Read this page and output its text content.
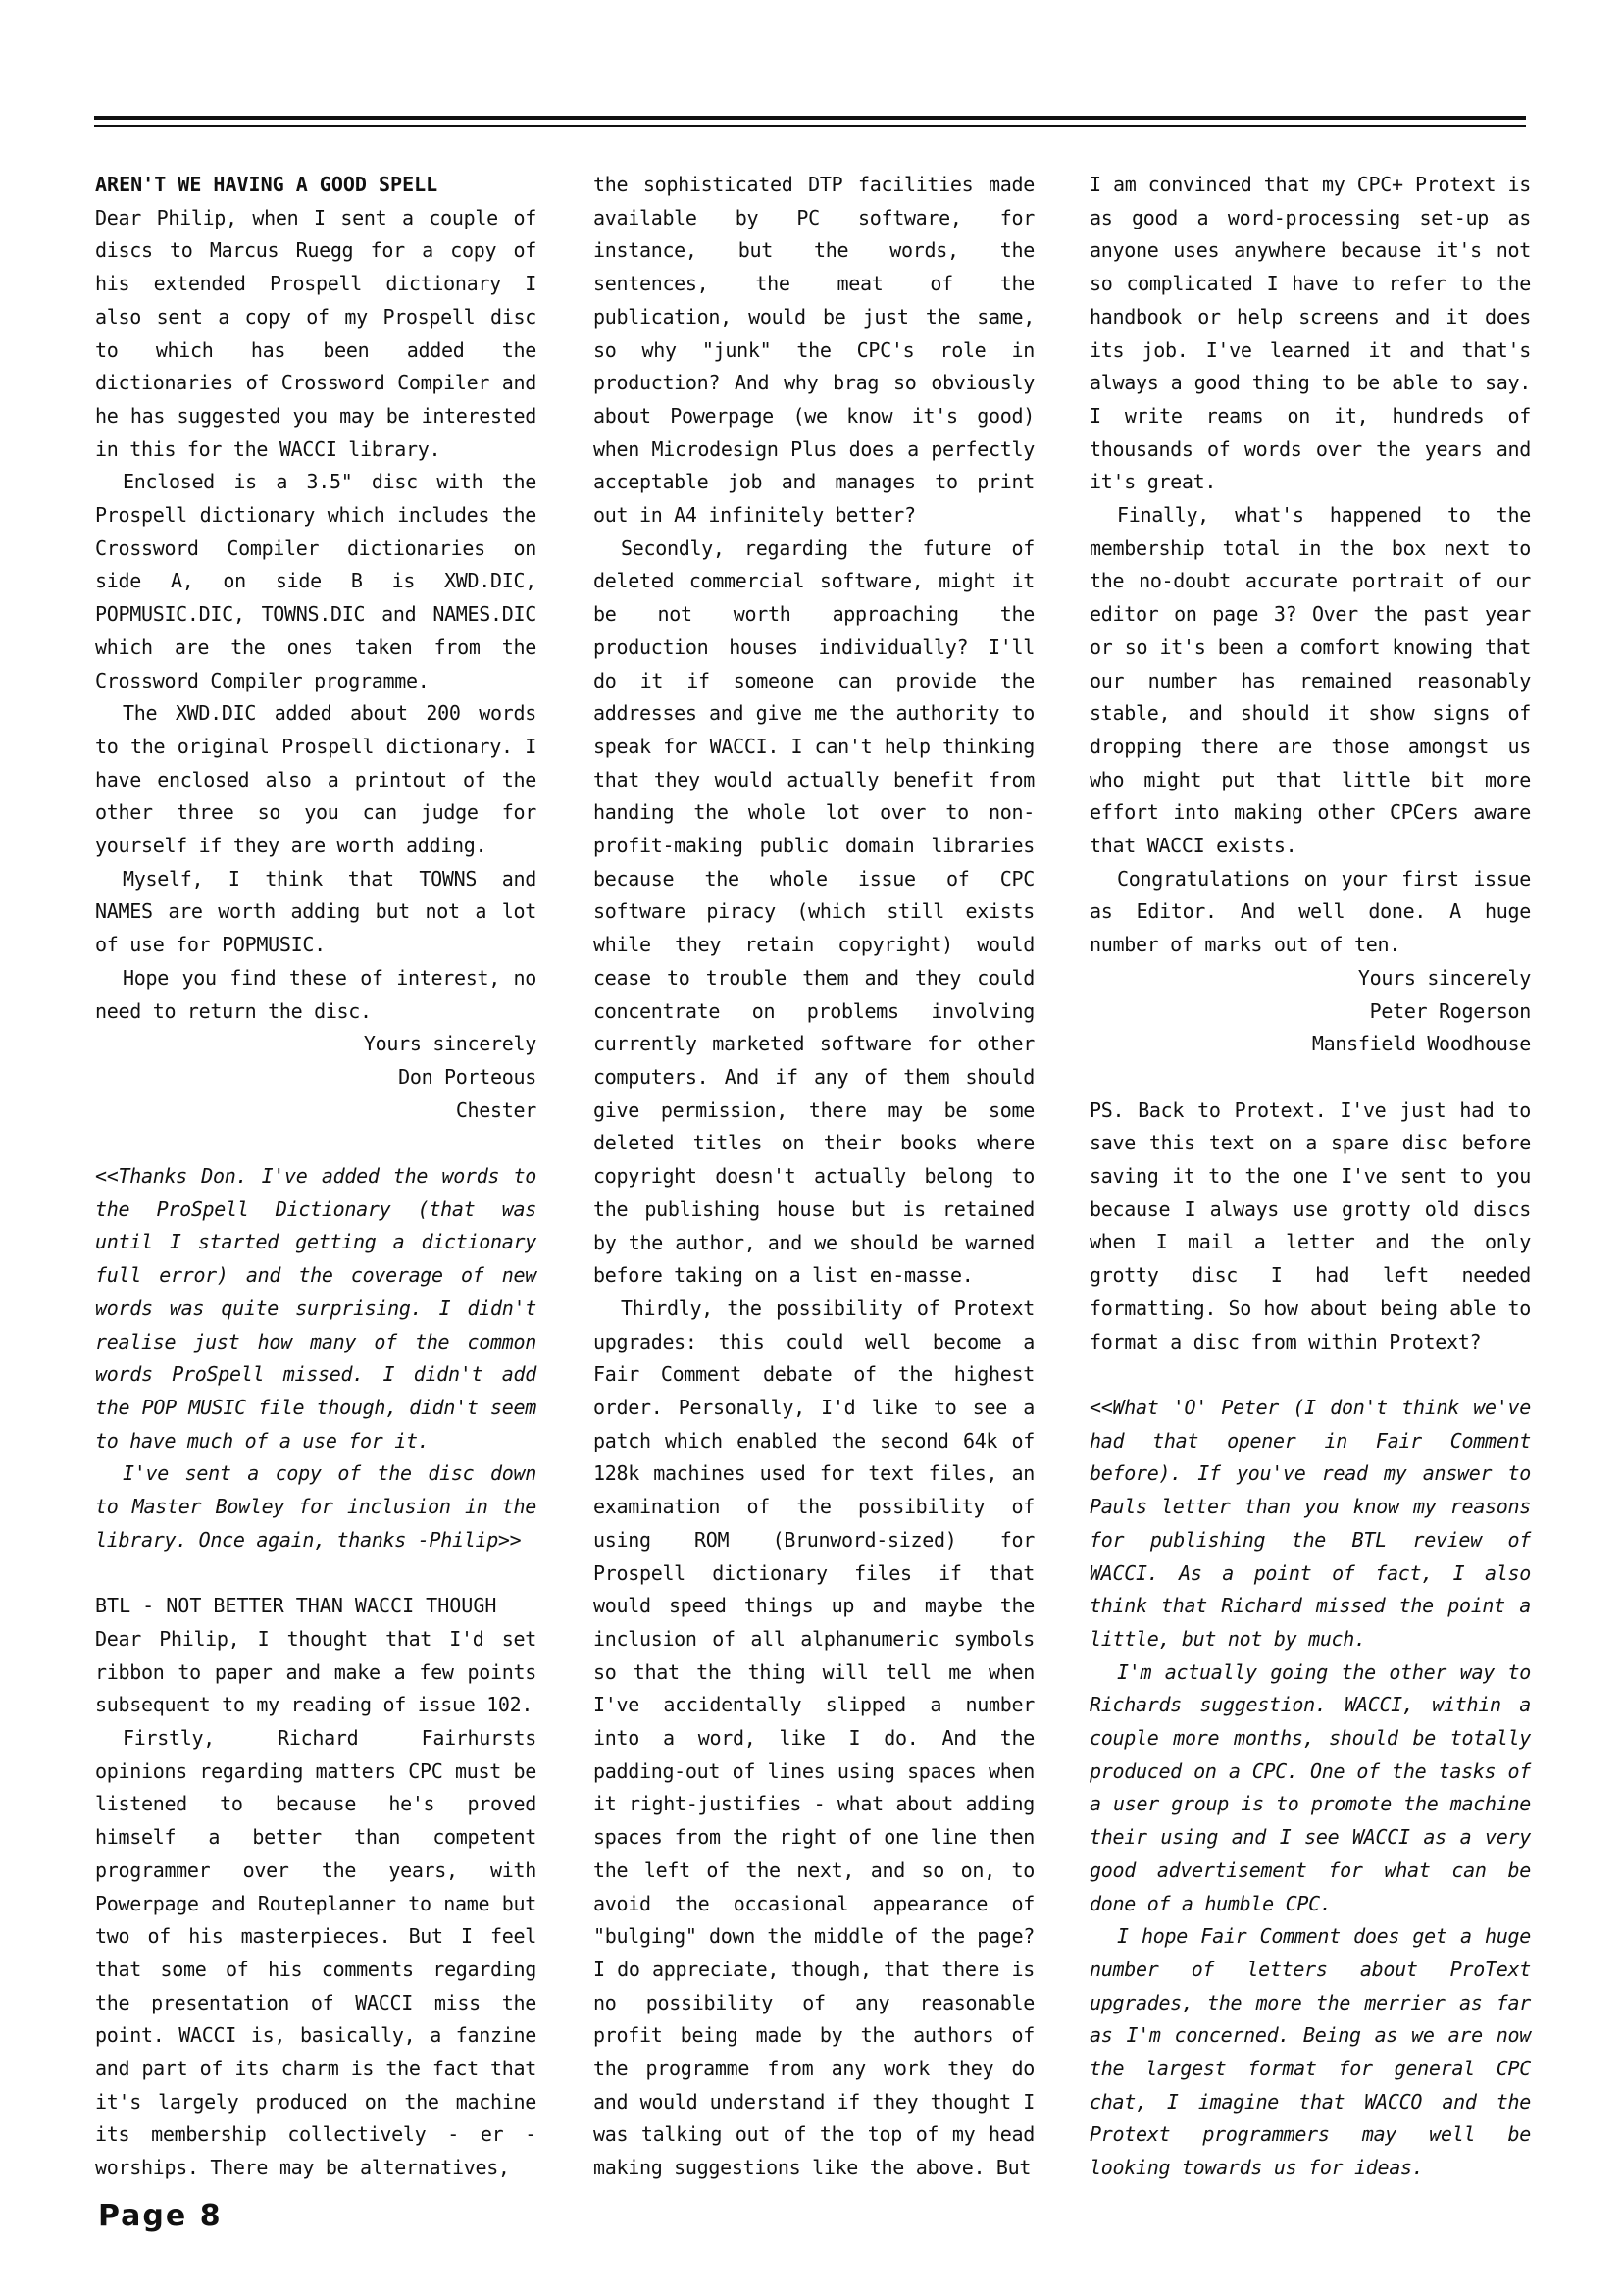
AREN'T WE HAVING A GOOD SPELL

Dear Philip, when I sent a couple of discs to Marcus Ruegg for a copy of his extended Prospell dictionary I also sent a copy of my Prospell disc to which has been added the dictionaries of Crossword Compiler and he has suggested you may be interested in this for the WACCI library.

Enclosed is a 3.5" disc with the Prospell dictionary which includes the Crossword Compiler dictionaries on side A, on side B is XWD.DIC, POPMUSIC.DIC, TOWNS.DIC and NAMES.DIC which are the ones taken from the Crossword Compiler programme.

The XWD.DIC added about 200 words to the original Prospell dictionary. I have enclosed also a printout of the other three so you can judge for yourself if they are worth adding.

Myself, I think that TOWNS and NAMES are worth adding but not a lot of use for POPMUSIC.

Hope you find these of interest, no need to return the disc.

Yours sincerely

Don Porteous

Chester

<<Thanks Don. I've added the words to the ProSpell Dictionary (that was until I started getting a dictionary full error) and the coverage of new words was quite surprising. I didn't realise just how many of the common words ProSpell missed. I didn't add the POP MUSIC file though, didn't seem to have much of a use for it.

I've sent a copy of the disc down to Master Bowley for inclusion in the library. Once again, thanks -Philip>>

BTL - NOT BETTER THAN WACCI THOUGH

Dear Philip, I thought that I'd set ribbon to paper and make a few points subsequent to my reading of issue 102.

Firstly, Richard Fairhursts opinions regarding matters CPC must be listened to because he's proved himself a better than competent programmer over the years, with Powerpage and Routeplanner to name but two of his masterpieces. But I feel that some of his comments regarding the presentation of WACCI miss the point. WACCI is, basically, a fanzine and part of its charm is the fact that it's largely produced on the machine its membership collectively - er - worships. There may be alternatives,

the sophisticated DTP facilities made available by PC software, for instance, but the words, the sentences, the meat of the publication, would be just the same, so why "junk" the CPC's role in production? And why brag so obviously about Powerpage (we know it's good) when Microdesign Plus does a perfectly acceptable job and manages to print out in A4 infinitely better?

Secondly, regarding the future of deleted commercial software, might it be not worth approaching the production houses individually? I'll do it if someone can provide the addresses and give me the authority to speak for WACCI. I can't help thinking that they would actually benefit from handing the whole lot over to non-profit-making public domain libraries because the whole issue of CPC software piracy (which still exists while they retain copyright) would cease to trouble them and they could concentrate on problems involving currently marketed software for other computers. And if any of them should give permission, there may be some deleted titles on their books where copyright doesn't actually belong to the publishing house but is retained by the author, and we should be warned before taking on a list en-masse.

Thirdly, the possibility of Protext upgrades: this could well become a Fair Comment debate of the highest order. Personally, I'd like to see a patch which enabled the second 64k of 128k machines used for text files, an examination of the possibility of using ROM (Brunword-sized) for Prospell dictionary files if that would speed things up and maybe the inclusion of all alphanumeric symbols so that the thing will tell me when I've accidentally slipped a number into a word, like I do. And the padding-out of lines using spaces when it right-justifies - what about adding spaces from the right of one line then the left of the next, and so on, to avoid the occasional appearance of "bulging" down the middle of the page? I do appreciate, though, that there is no possibility of any reasonable profit being made by the authors of the programme from any work they do and would understand if they thought I was talking out of the top of my head making suggestions like the above. But

I am convinced that my CPC+ Protext is as good a word-processing set-up as anyone uses anywhere because it's not so complicated I have to refer to the handbook or help screens and it does its job. I've learned it and that's always a good thing to be able to say. I write reams on it, hundreds of thousands of words over the years and it's great.

Finally, what's happened to the membership total in the box next to the no-doubt accurate portrait of our editor on page 3? Over the past year or so it's been a comfort knowing that our number has remained reasonably stable, and should it show signs of dropping there are those amongst us who might put that little bit more effort into making other CPCers aware that WACCI exists.

Congratulations on your first issue as Editor. And well done. A huge number of marks out of ten.

Yours sincerely

Peter Rogerson

Mansfield Woodhouse

PS. Back to Protext. I've just had to save this text on a spare disc before saving it to the one I've sent to you because I always use grotty old discs when I mail a letter and the only grotty disc I had left needed formatting. So how about being able to format a disc from within Protext?

<<What 'O' Peter (I don't think we've had that opener in Fair Comment before). If you've read my answer to Pauls letter than you know my reasons for publishing the BTL review of WACCI. As a point of fact, I also think that Richard missed the point a little, but not by much.

I'm actually going the other way to Richards suggestion. WACCI, within a couple more months, should be totally produced on a CPC. One of the tasks of a user group is to promote the machine their using and I see WACCI as a very good advertisement for what can be done of a humble CPC.

I hope Fair Comment does get a huge number of letters about ProText upgrades, the more the merrier as far as I'm concerned. Being as we are now the largest format for general CPC chat, I imagine that WACCO and the Protext programmers may well be looking towards us for ideas.

Page 8
